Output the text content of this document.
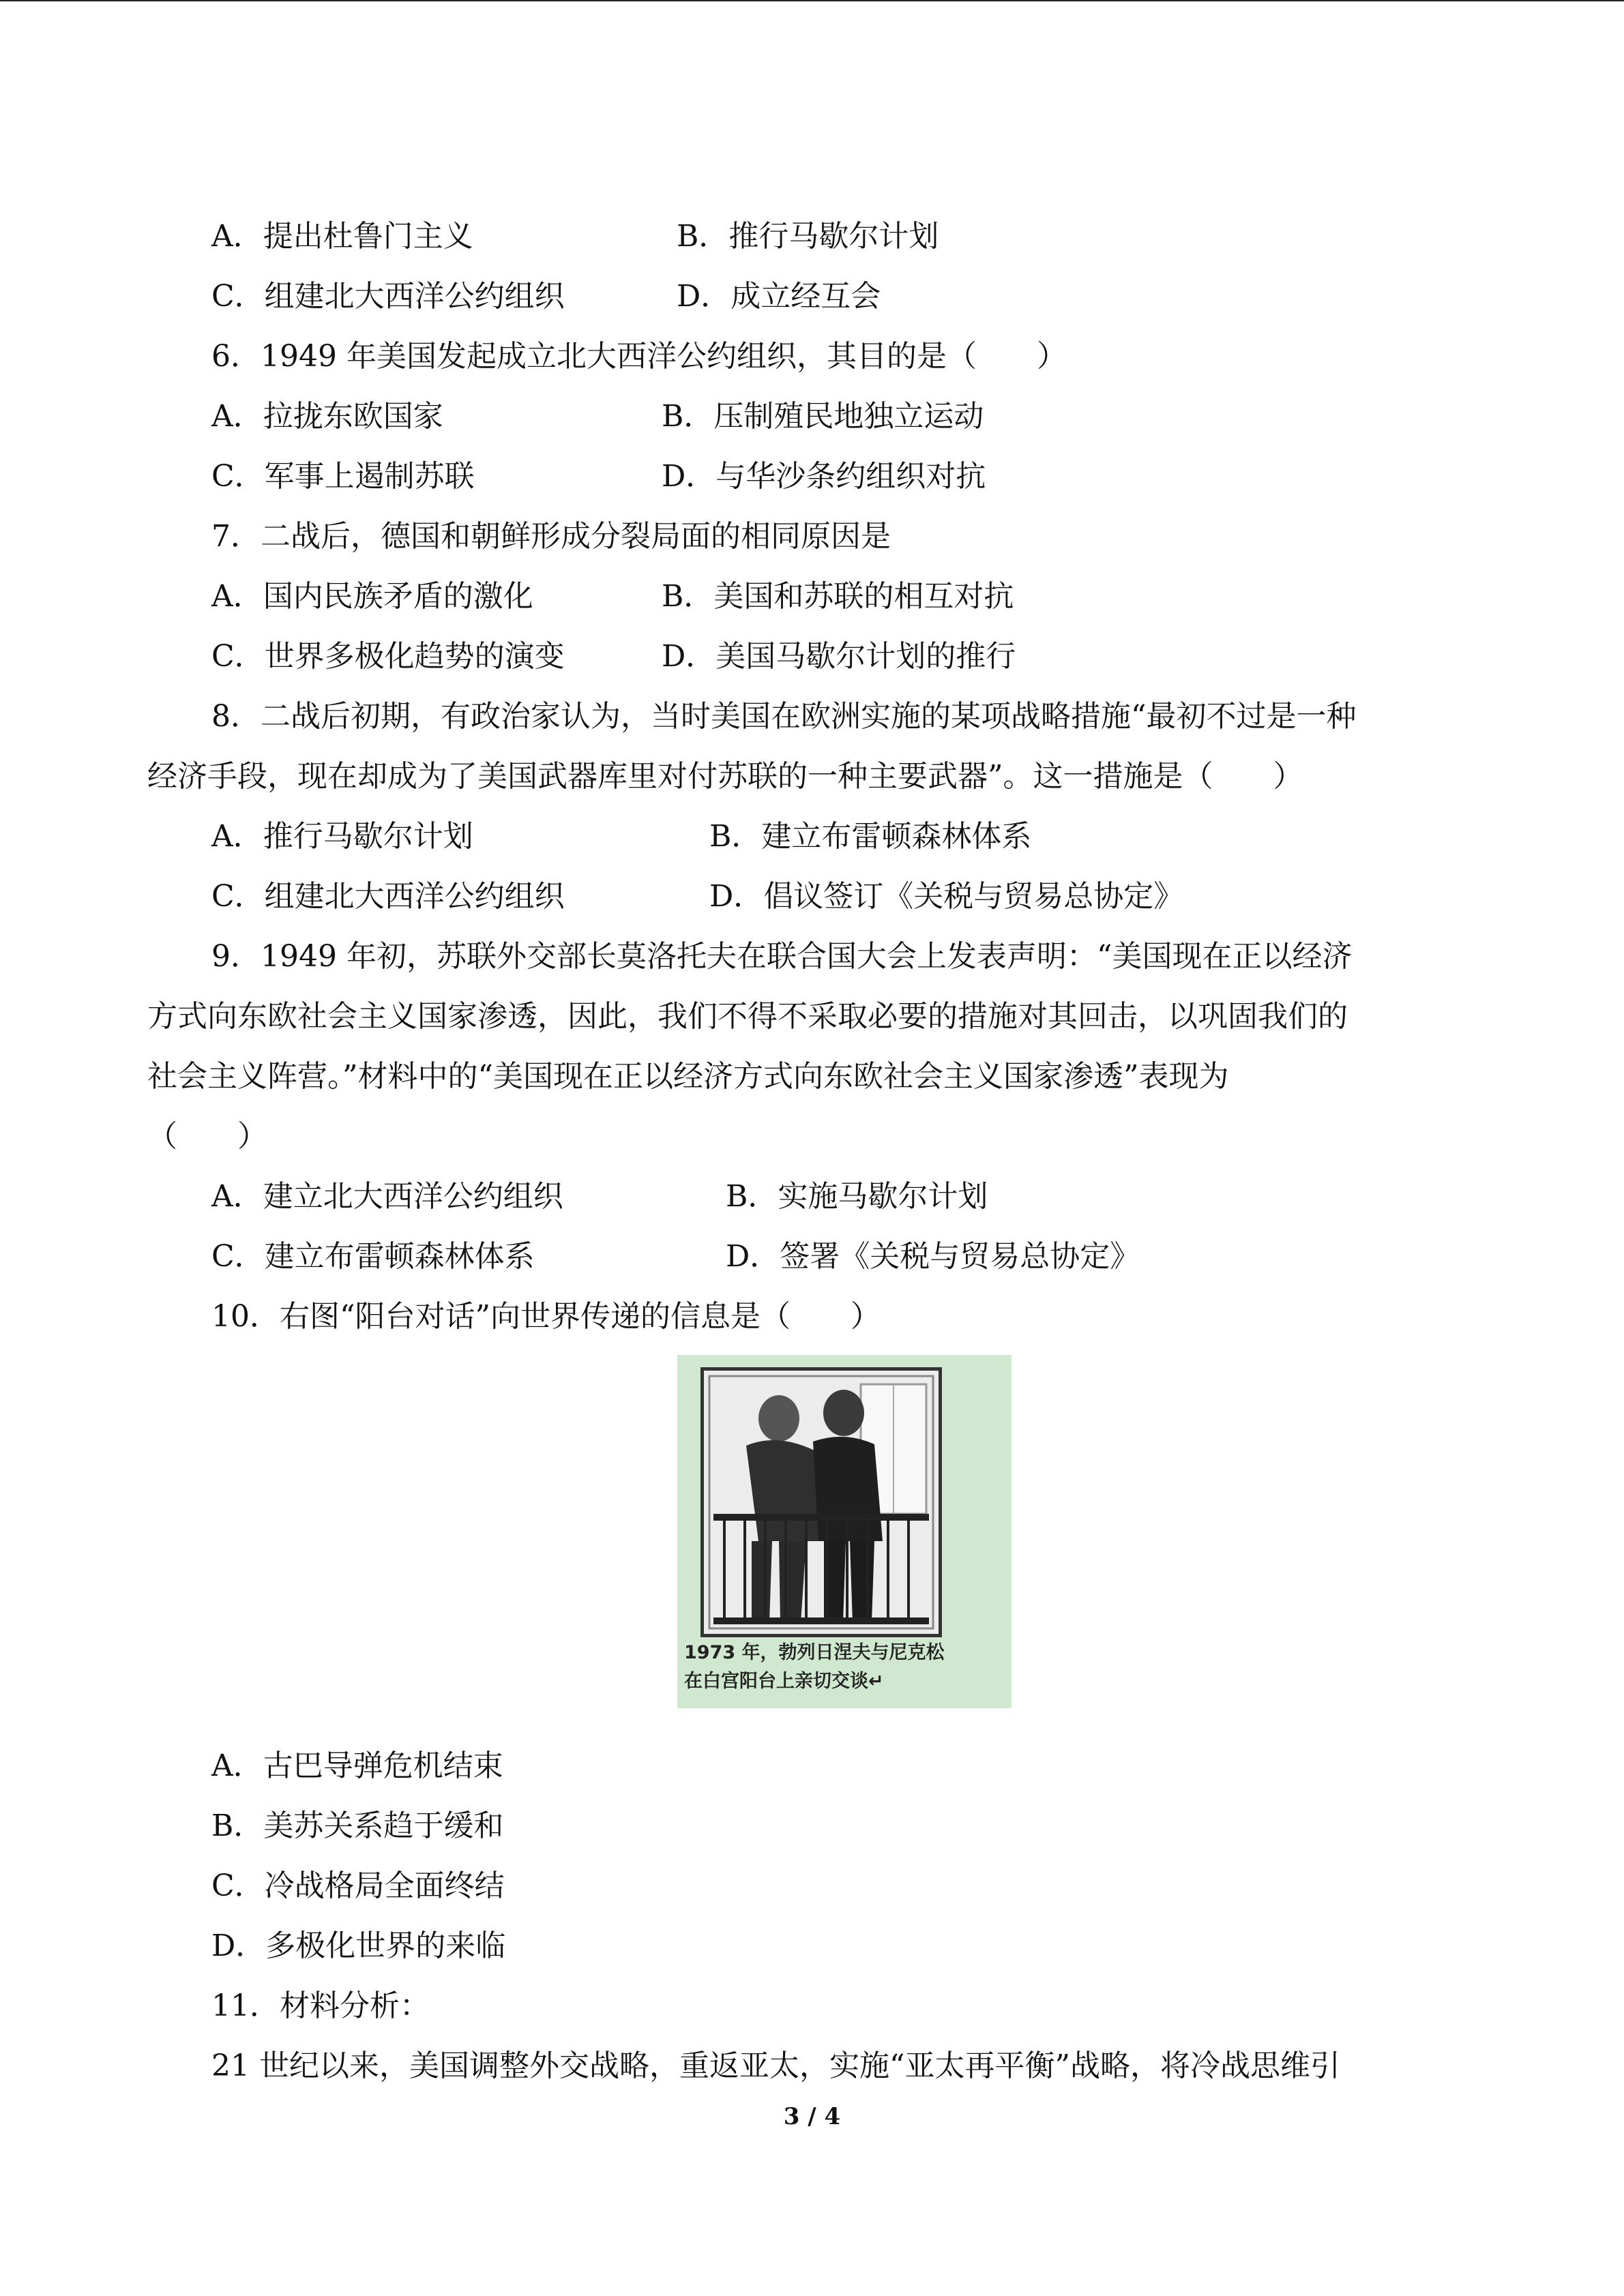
A．提出杜鲁门主义	B．推行马歇尔计划
C．组建北大西洋公约组织	D．成立经互会
6．1949 年美国发起成立北大西洋公约组织，其目的是（　　）
A．拉拢东欧国家	B．压制殖民地独立运动
C．军事上遏制苏联	D．与华沙条约组织对抗
7．二战后，德国和朝鲜形成分裂局面的相同原因是
A．国内民族矛盾的激化	B．美国和苏联的相互对抗
C．世界多极化趋势的演变	D．美国马歇尔计划的推行
8．二战后初期，有政治家认为，当时美国在欧洲实施的某项战略措施“最初不过是一种
经济手段，现在却成为了美国武器库里对付苏联的一种主要武器”。这一措施是（　　）
A．推行马歇尔计划	B．建立布雷顿森林体系
C．组建北大西洋公约组织	D．倡议签订《关税与贸易总协定》
9．1949 年初，苏联外交部长莫洛托夫在联合国大会上发表声明：“美国现在正以经济
方式向东欧社会主义国家渗透，因此，我们不得不采取必要的措施对其回击，以巩固我们的
社会主义阵营。”材料中的“美国现在正以经济方式向东欧社会主义国家渗透”表现为
（　　）
A．建立北大西洋公约组织	B．实施马歇尔计划
C．建立布雷顿森林体系	D．签署《关税与贸易总协定》
10．右图“阳台对话”向世界传递的信息是（　　）
1973 年，勃列日涅夫与尼克松
在白宫阳台上亲切交谈↵
A．古巴导弹危机结束
B．美苏关系趋于缓和
C．冷战格局全面终结
D．多极化世界的来临
11．材料分析：
21 世纪以来，美国调整外交战略，重返亚太，实施“亚太再平衡”战略，将冷战思维引
3 / 4
